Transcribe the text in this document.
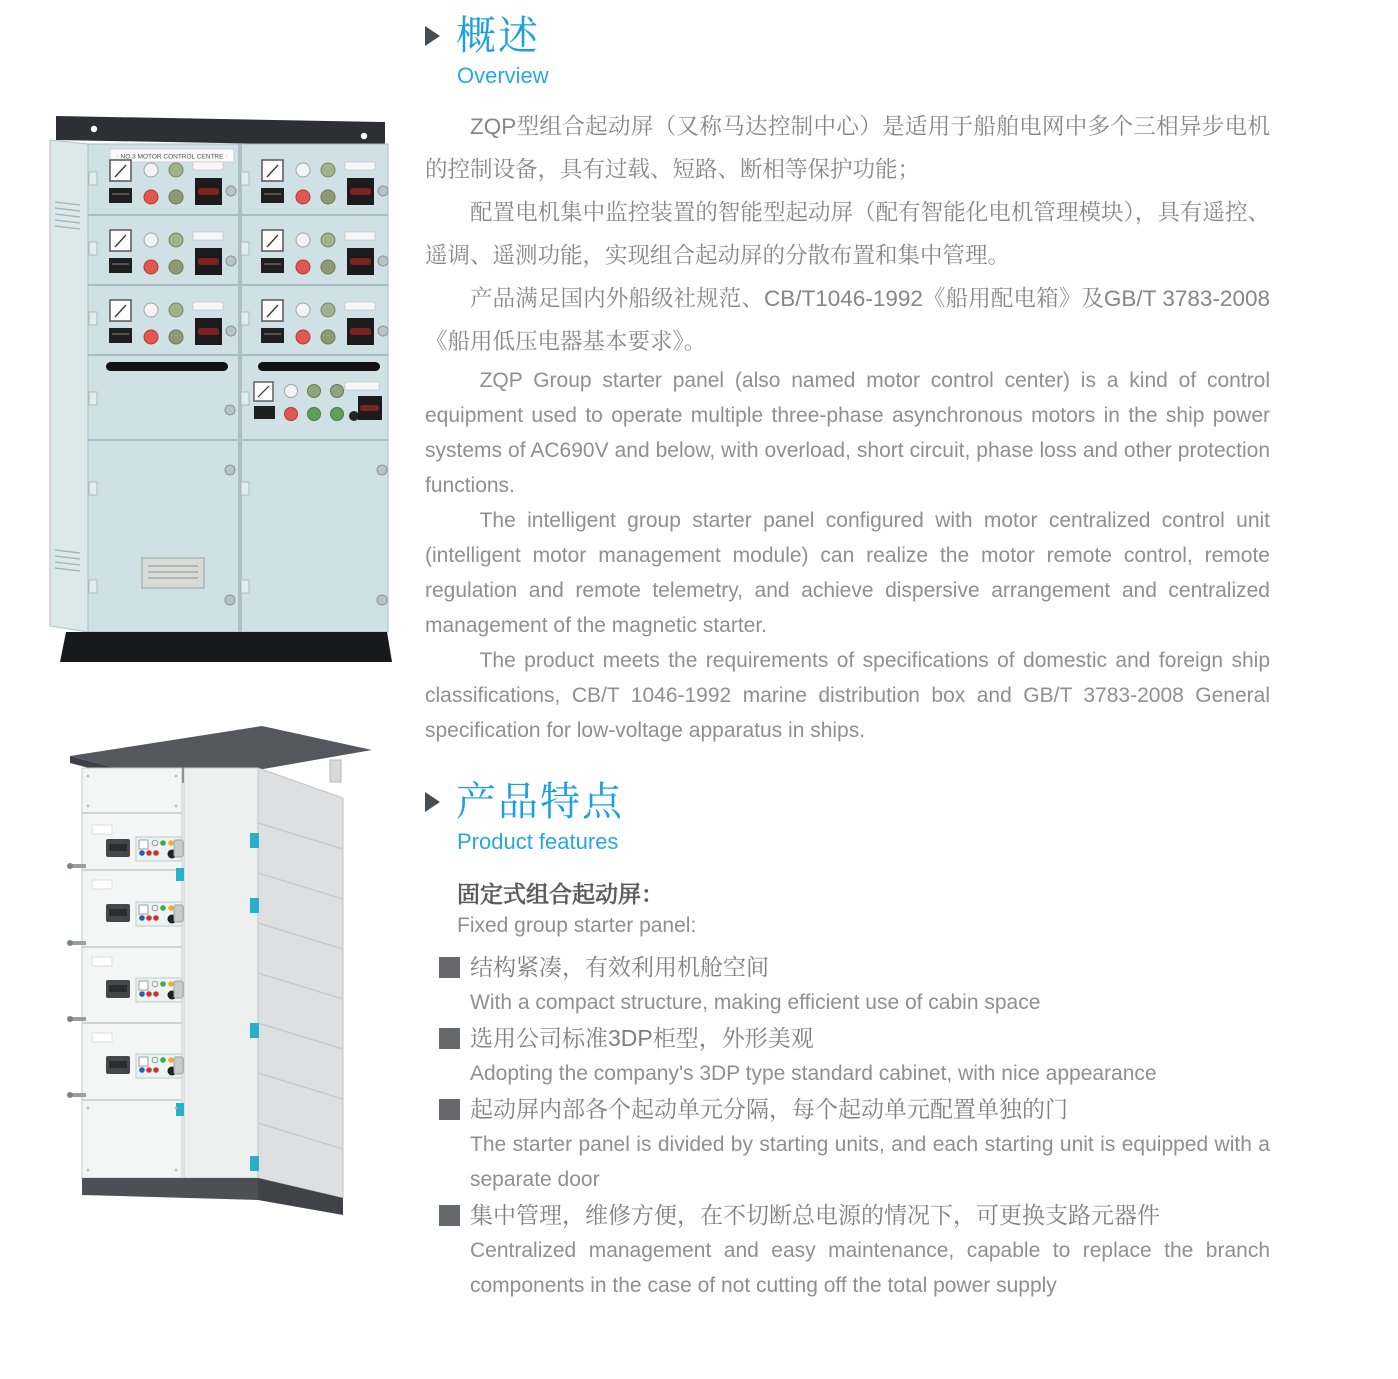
· NO.3 MOTOR CONTROL CENTRE ·
概述
Overview

ZQP型组合起动屏（又称马达控制中心）是适用于船舶电网中多个三相异步电机的控制设备，具有过载、短路、断相等保护功能；

配置电机集中监控装置的智能型起动屏（配有智能化电机管理模块），具有遥控、遥调、遥测功能，实现组合起动屏的分散布置和集中管理。

产品满足国内外船级社规范、CB/T1046-1992《船用配电箱》及GB/T 3783-2008《船用低压电器基本要求》。

ZQP Group starter panel (also named motor control center) is a kind of control equipment used to operate multiple three-phase asynchronous motors in the ship power systems of AC690V and below, with overload, short circuit, phase loss and other protection functions.

The intelligent group starter panel configured with motor centralized control unit (intelligent motor management module) can realize the motor remote control, remote regulation and remote telemetry, and achieve dispersive arrangement and centralized management of the magnetic starter.

The product meets the requirements of specifications of domestic and foreign ship classifications, CB/T 1046-1992 marine distribution box and GB/T 3783-2008 General specification for low-voltage apparatus in ships.

产品特点
Product features
固定式组合起动屏：
Fixed group starter panel:
结构紧凑，有效利用机舱空间
With a compact structure, making efficient use of cabin space
选用公司标准3DP柜型，外形美观
Adopting the company's 3DP type standard cabinet, with nice appearance
起动屏内部各个起动单元分隔，每个起动单元配置单独的门
The starter panel is divided by starting units, and each starting unit is equipped with a separate door
集中管理，维修方便，在不切断总电源的情况下，可更换支路元器件
Centralized management and easy maintenance, capable to replace the branch components in the case of not cutting off the total power supply
